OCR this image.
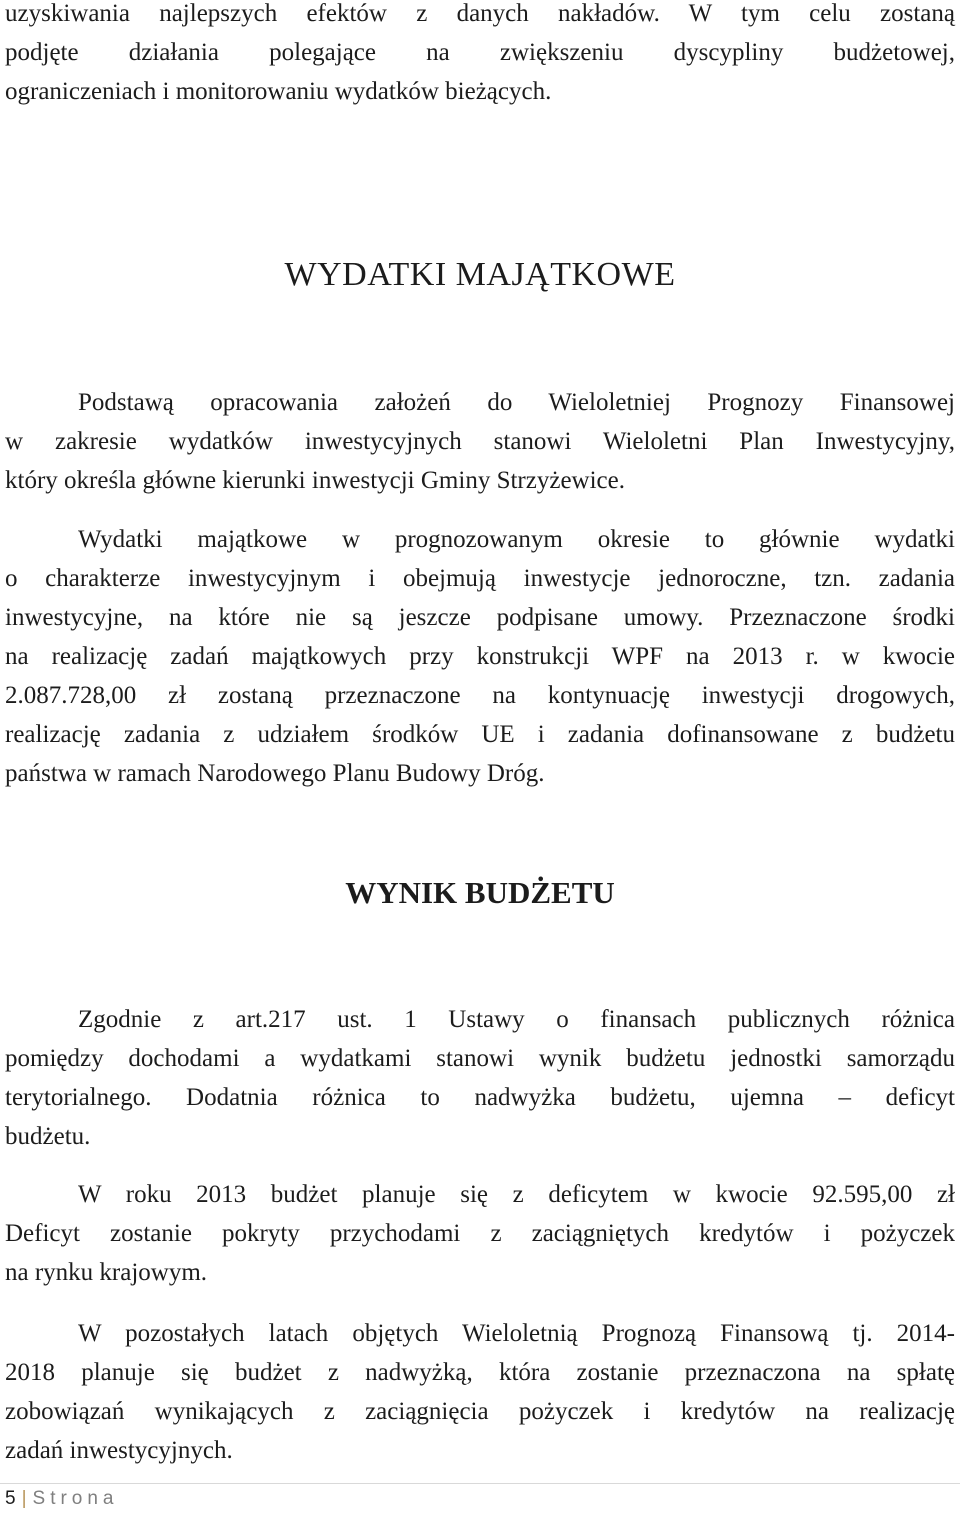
uzyskiwania najlepszych efektów z danych nakładów. W tym celu zostaną
podjęte działania polegające na zwiększeniu dyscypliny budżetowej,
ograniczeniach i monitorowaniu wydatków bieżących.
WYDATKI MAJĄTKOWE
Podstawą opracowania założeń do Wieloletniej Prognozy Finansowej
w zakresie wydatków inwestycyjnych stanowi Wieloletni Plan Inwestycyjny,
który określa główne kierunki inwestycji Gminy Strzyżewice.
Wydatki majątkowe w prognozowanym okresie to głównie wydatki
o charakterze inwestycyjnym i obejmują inwestycje jednoroczne, tzn. zadania
inwestycyjne, na które nie są jeszcze podpisane umowy. Przeznaczone środki
na realizację zadań majątkowych przy konstrukcji WPF na 2013 r. w kwocie
2.087.728,00 zł zostaną przeznaczone na kontynuację inwestycji drogowych,
realizację zadania z udziałem środków UE i zadania dofinansowane z budżetu
państwa w ramach Narodowego Planu Budowy Dróg.
WYNIK BUDŻETU
Zgodnie z art.217 ust. 1 Ustawy o finansach publicznych różnica
pomiędzy dochodami a wydatkami stanowi wynik budżetu jednostki samorządu
terytorialnego. Dodatnia różnica to nadwyżka budżetu, ujemna – deficyt
budżetu.
W roku 2013 budżet planuje się z deficytem w kwocie 92.595,00 zł
Deficyt zostanie pokryty przychodami z zaciągniętych kredytów i pożyczek
na rynku krajowym.
W pozostałych latach objętych Wieloletnią Prognozą Finansową tj. 2014-
2018 planuje się budżet z nadwyżką, która zostanie przeznaczona na spłatę
zobowiązań wynikających z zaciągnięcia pożyczek i kredytów na realizację
zadań inwestycyjnych.
5 | Strona
